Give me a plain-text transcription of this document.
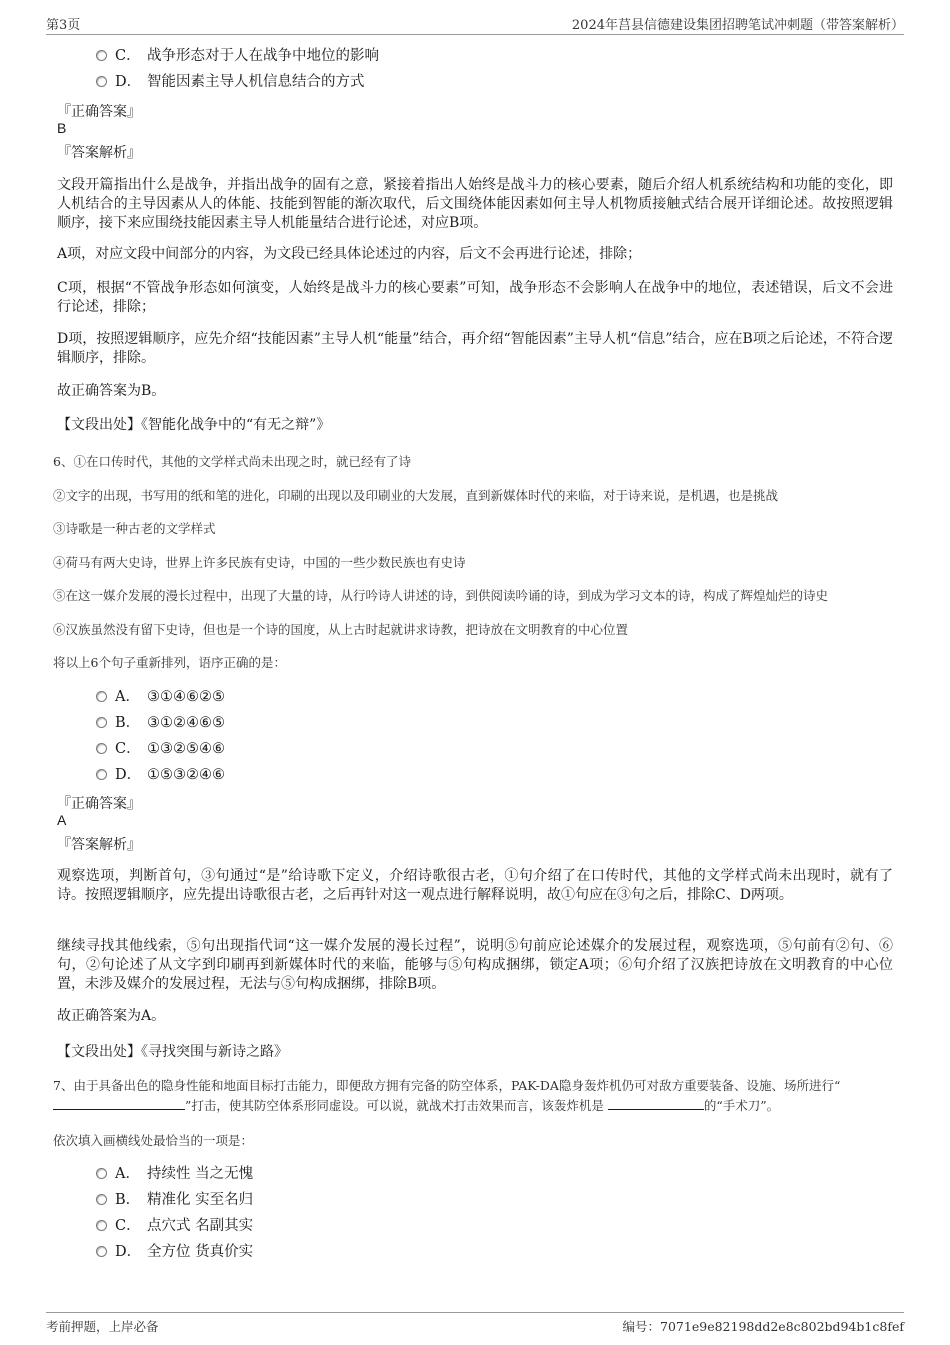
第3页	2024年莒县信德建设集团招聘笔试冲刺题（带答案解析）
C． 战争形态对于人在战争中地位的影响
D． 智能因素主导人机信息结合的方式
『正确答案』
B
『答案解析』
文段开篇指出什么是战争，并指出战争的固有之意，紧接着指出人始终是战斗力的核心要素，随后介绍人机系统结构和功能的变化，即人机结合的主导因素从人的体能、技能到智能的渐次取代，后文围绕体能因素如何主导人机物质接触式结合展开详细论述。故按照逻辑顺序，接下来应围绕技能因素主导人机能量结合进行论述，对应B项。
A项，对应文段中间部分的内容，为文段已经具体论述过的内容，后文不会再进行论述，排除；
C项，根据“不管战争形态如何演变，人始终是战斗力的核心要素”可知，战争形态不会影响人在战争中的地位，表述错误，后文不会进行论述，排除；
D项，按照逻辑顺序，应先介绍“技能因素”主导人机“能量”结合，再介绍“智能因素”主导人机“信息”结合，应在B项之后论述，不符合逻辑顺序，排除。
故正确答案为B。
【文段出处】《智能化战争中的“有无之辩”》
6、①在口传时代，其他的文学样式尚未出现之时，就已经有了诗
②文字的出现，书写用的纸和笔的进化，印刷的出现以及印刷业的大发展，直到新媒体时代的来临，对于诗来说，是机遇，也是挑战
③诗歌是一种古老的文学样式
④荷马有两大史诗，世界上许多民族有史诗，中国的一些少数民族也有史诗
⑤在这一媒介发展的漫长过程中，出现了大量的诗，从行吟诗人讲述的诗，到供阅读吟诵的诗，到成为学习文本的诗，构成了辉煌灿烂的诗史
⑥汉族虽然没有留下史诗，但也是一个诗的国度，从上古时起就讲求诗教，把诗放在文明教育的中心位置
将以上6个句子重新排列，语序正确的是：
A． ③①④⑥②⑤
B． ③①②④⑥⑤
C． ①③②⑤④⑥
D． ①⑤③②④⑥
『正确答案』
A
『答案解析』
观察选项，判断首句，③句通过“是”给诗歌下定义，介绍诗歌很古老，①句介绍了在口传时代，其他的文学样式尚未出现时，就有了诗。按照逻辑顺序，应先提出诗歌很古老，之后再针对这一观点进行解释说明，故①句应在③句之后，排除C、D两项。
继续寻找其他线索，⑤句出现指代词“这一媒介发展的漫长过程”，说明⑤句前应论述媒介的发展过程，观察选项，⑤句前有②句、⑥句，②句论述了从文字到印刷再到新媒体时代的来临，能够与⑤句构成捆绑，锁定A项；⑥句介绍了汉族把诗放在文明教育的中心位置，未涉及媒介的发展过程，无法与⑤句构成捆绑，排除B项。
故正确答案为A。
【文段出处】《寻找突围与新诗之路》
7、由于具备出色的隐身性能和地面目标打击能力，即便敌方拥有完备的防空体系，PAK-DA隐身轰炸机仍可对敌方重要装备、设施、场所进行“
”打击，使其防空体系形同虚设。可以说，就战术打击效果而言，该轰炸机是	的“手术刀”。
依次填入画横线处最恰当的一项是：
A． 持续性 当之无愧
B． 精准化 实至名归
C． 点穴式 名副其实
D． 全方位 货真价实
考前押题，上岸必备	编号：7071e9e82198dd2e8c802bd94b1c8fef
